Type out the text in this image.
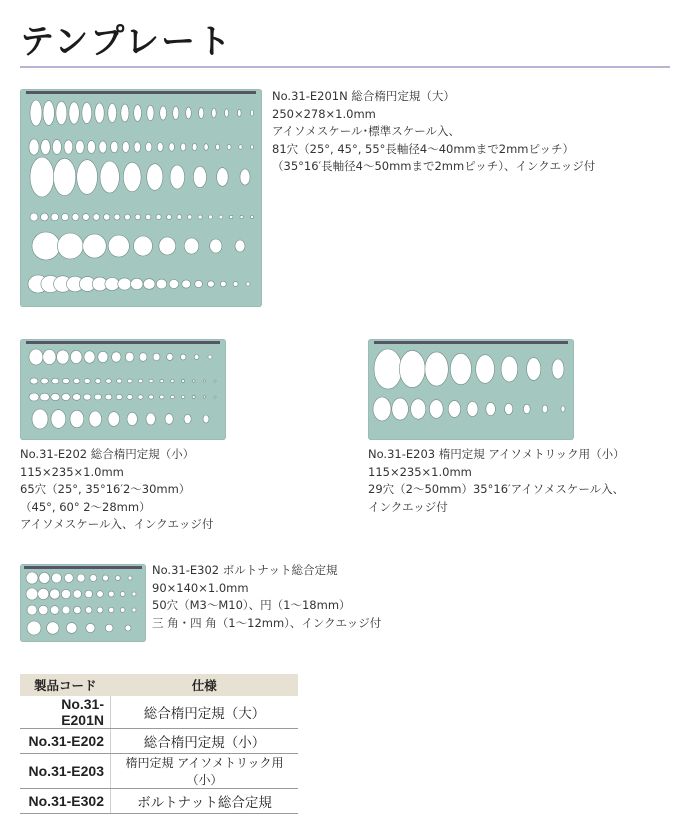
テンプレート
No.31-E201N 総合楕円定規（大）
250×278×1.0mm
アイソメスケール･標準スケール入、
81穴（25°, 45°, 55°長軸径4～40mmまで2mmピッチ）
（35°16′長軸径4～50mmまで2mmピッチ）、インクエッジ付
No.31-E202 総合楕円定規（小）
115×235×1.0mm
65穴（25°, 35°16′2～30mm）
（45°, 60° 2～28mm）
アイソメスケール入、インクエッジ付
No.31-E203 楕円定規 アイソメトリック用（小）
115×235×1.0mm
29穴（2～50mm）35°16′アイソメスケール入、
インクエッジ付
No.31-E302 ボルトナット総合定規
90×140×1.0mm
50穴（M3～M10）、円（1～18mm）
三 角・四 角（1～12mm）、インクエッジ付
製品コード	仕様
No.31-E201N	総合楕円定規（大）
No.31-E202	総合楕円定規（小）
No.31-E203	楕円定規 アイソメトリック用（小）
No.31-E302	ボルトナット総合定規
